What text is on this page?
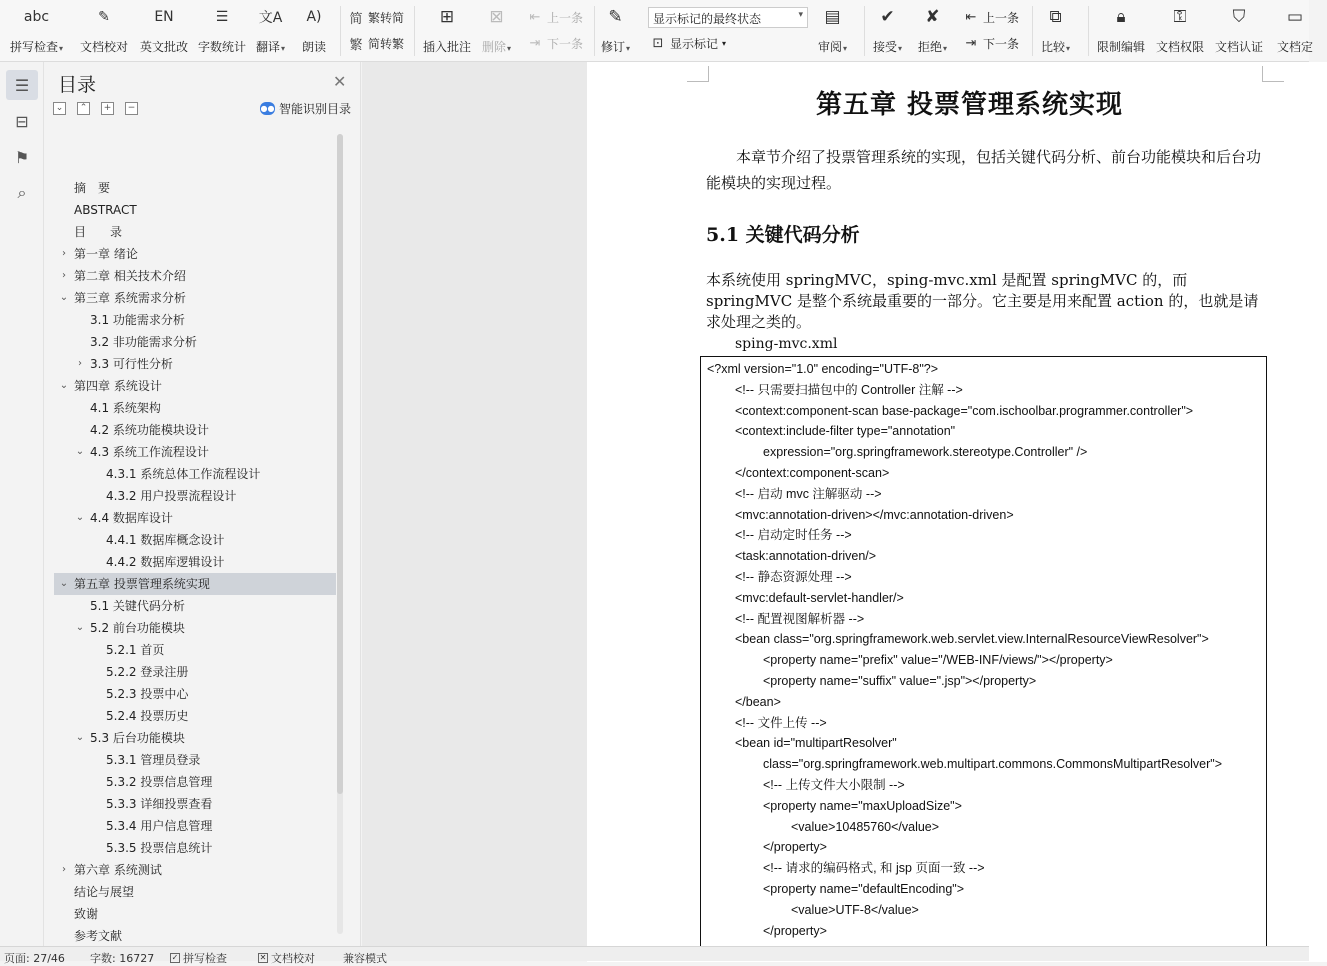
abc
拼写检查 ▾
✎
文档校对
EN
英文批改
☰
字数统计
文A
翻译 ▾
A)
朗读
简 繁转简
繁 简转繁
⊞
插入批注
⊠
删除 ▾
⇤ 上一条
⇥ 下一条
✎
修订 ▾
显示标记的最终状态	▾
⊡ 显示标记 ▾
▤
审阅 ▾
✔
接受 ▾
✘
拒绝 ▾
⇤ 上一条
⇥ 下一条
⧉
比较 ▾
🔒︎
限制编辑
⚿
文档权限
⛉
文档认证
▭
文档定
☰
⊟
⚑
⌕
目录	✕
⌄	⌃	+	−	●● 智能识别目录
摘　要
ABSTRACT
目　　录
› 第一章 绪论
› 第二章 相关技术介绍
⌄ 第三章 系统需求分析
3.1 功能需求分析
3.2 非功能需求分析
› 3.3 可行性分析
⌄ 第四章 系统设计
4.1 系统架构
4.2 系统功能模块设计
⌄ 4.3 系统工作流程设计
4.3.1 系统总体工作流程设计
4.3.2 用户投票流程设计
⌄ 4.4 数据库设计
4.4.1 数据库概念设计
4.4.2 数据库逻辑设计
⌄ 第五章 投票管理系统实现
5.1 关键代码分析
⌄ 5.2 前台功能模块
5.2.1 首页
5.2.2 登录注册
5.2.3 投票中心
5.2.4 投票历史
⌄ 5.3 后台功能模块
5.3.1 管理员登录
5.3.2 投票信息管理
5.3.3 详细投票查看
5.3.4 用户信息管理
5.3.5 投票信息统计
› 第六章 系统测试
结论与展望
致谢
参考文献
第五章 投票管理系统实现
本章节介绍了投票管理系统的实现，包括关键代码分析、前台功能模块和后台功能模块的实现过程。
5.1 关键代码分析
本系统使用 springMVC，sping-mvc.xml 是配置 springMVC 的，而 springMVC 是整个系统最重要的一部分。它主要是用来配置 action 的，也就是请求处理之类的。
sping-mvc.xml
<?xml version="1.0" encoding="UTF-8"?>
<!-- 只需要扫描包中的 Controller 注解 -->
<context:component-scan base-package="com.ischoolbar.programmer.controller">
<context:include-filter type="annotation"
expression="org.springframework.stereotype.Controller" />
</context:component-scan>
<!-- 启动 mvc 注解驱动 -->
<mvc:annotation-driven></mvc:annotation-driven>
<!-- 启动定时任务 -->
<task:annotation-driven/>
<!-- 静态资源处理 -->
<mvc:default-servlet-handler/>
<!-- 配置视图解析器 -->
<bean class="org.springframework.web.servlet.view.InternalResourceViewResolver">
<property name="prefix" value="/WEB-INF/views/"></property>
<property name="suffix" value=".jsp"></property>
</bean>
<!-- 文件上传 -->
<bean id="multipartResolver"
class="org.springframework.web.multipart.commons.CommonsMultipartResolver">
<!-- 上传文件大小限制 -->
<property name="maxUploadSize">
<value>10485760</value>
</property>
<!-- 请求的编码格式, 和 jsp 页面一致 -->
<property name="defaultEncoding">
<value>UTF-8</value>
</property>
页面: 27/46 字数: 16727 ✓ 拼写检查	✕ 文档校对	兼容模式
